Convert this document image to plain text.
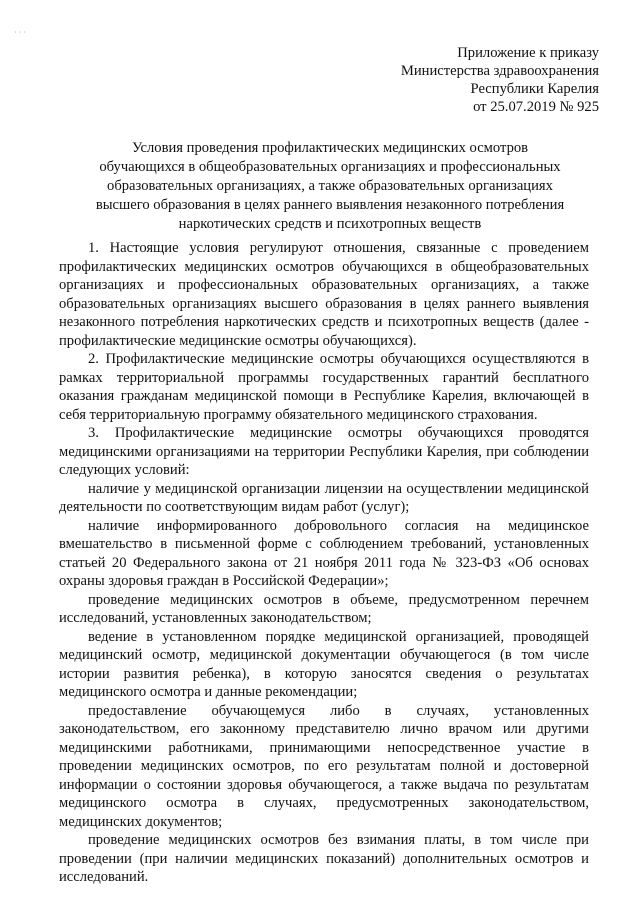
· · ·
Приложение к приказу
Министерства здравоохранения
Республики Карелия
от 25.07.2019 № 925
Условия проведения профилактических медицинских осмотров
обучающихся в общеобразовательных организациях и профессиональных
образовательных организациях, а также образовательных организациях
высшего образования в целях раннего выявления незаконного потребления
наркотических средств и психотропных веществ

1. Настоящие условия регулируют отношения, связанные с проведением профилактических медицинских осмотров обучающихся в общеобразовательных организациях и профессиональных образовательных организациях, а также образовательных организациях высшего образования в целях раннего выявления незаконного потребления наркотических средств и психотропных веществ (далее - профилактические медицинские осмотры обучающихся).

2. Профилактические медицинские осмотры обучающихся осуществляются в рамках территориальной программы государственных гарантий бесплатного оказания гражданам медицинской помощи в Республике Карелия, включающей в себя территориальную программу обязательного медицинского страхования.

3. Профилактические медицинские осмотры обучающихся проводятся медицинскими организациями на территории Республики Карелия, при соблюдении следующих условий:

наличие у медицинской организации лицензии на осуществлении медицинской деятельности по соответствующим видам работ (услуг);

наличие информированного добровольного согласия на медицинское вмешательство в письменной форме с соблюдением требований, установленных статьей 20 Федерального закона от 21 ноября 2011 года № 323-ФЗ «Об основах охраны здоровья граждан в Российской Федерации»;

проведение медицинских осмотров в объеме, предусмотренном перечнем исследований, установленных законодательством;

ведение в установленном порядке медицинской организацией, проводящей медицинский осмотр, медицинской документации обучающегося (в том числе истории развития ребенка), в которую заносятся сведения о результатах медицинского осмотра и данные рекомендации;

предоставление обучающемуся либо в случаях, установленных законодательством, его законному представителю лично врачом или другими медицинскими работниками, принимающими непосредственное участие в проведении медицинских осмотров, по его результатам полной и достоверной информации о состоянии здоровья обучающегося, а также выдача по результатам медицинского осмотра в случаях, предусмотренных законодательством, медицинских документов;

проведение медицинских осмотров без взимания платы, в том числе при проведении (при наличии медицинских показаний) дополнительных осмотров и исследований.
